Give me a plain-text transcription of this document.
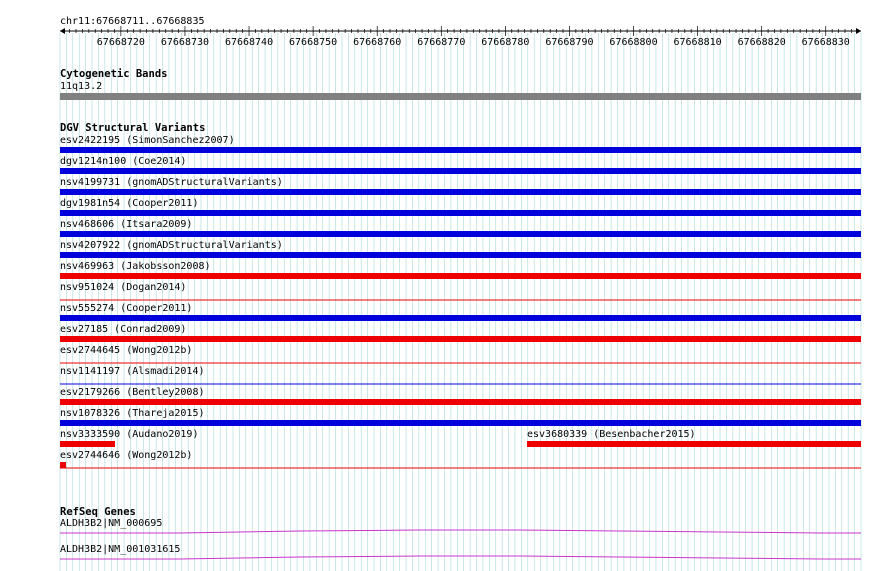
chr11:67668711..67668835
67668720 67668730 67668740 67668750 67668760 67668770 67668780 67668790 67668800 67668810 67668820 67668830
Cytogenetic Bands
11q13.2
DGV Structural Variants
esv2422195 (SimonSanchez2007)
dgv1214n100 (Coe2014)
nsv4199731 (gnomADStructuralVariants)
dgv1981n54 (Cooper2011)
nsv468606 (Itsara2009)
nsv4207922 (gnomADStructuralVariants)
nsv469963 (Jakobsson2008)
nsv951024 (Dogan2014)
nsv555274 (Cooper2011)
esv27185 (Conrad2009)
esv2744645 (Wong2012b)
nsv1141197 (Alsmadi2014)
esv2179266 (Bentley2008)
nsv1078326 (Thareja2015)
nsv3333590 (Audano2019)	esv3680339 (Besenbacher2015)
esv2744646 (Wong2012b)
RefSeq Genes
ALDH3B2|NM_000695
ALDH3B2|NM_001031615
